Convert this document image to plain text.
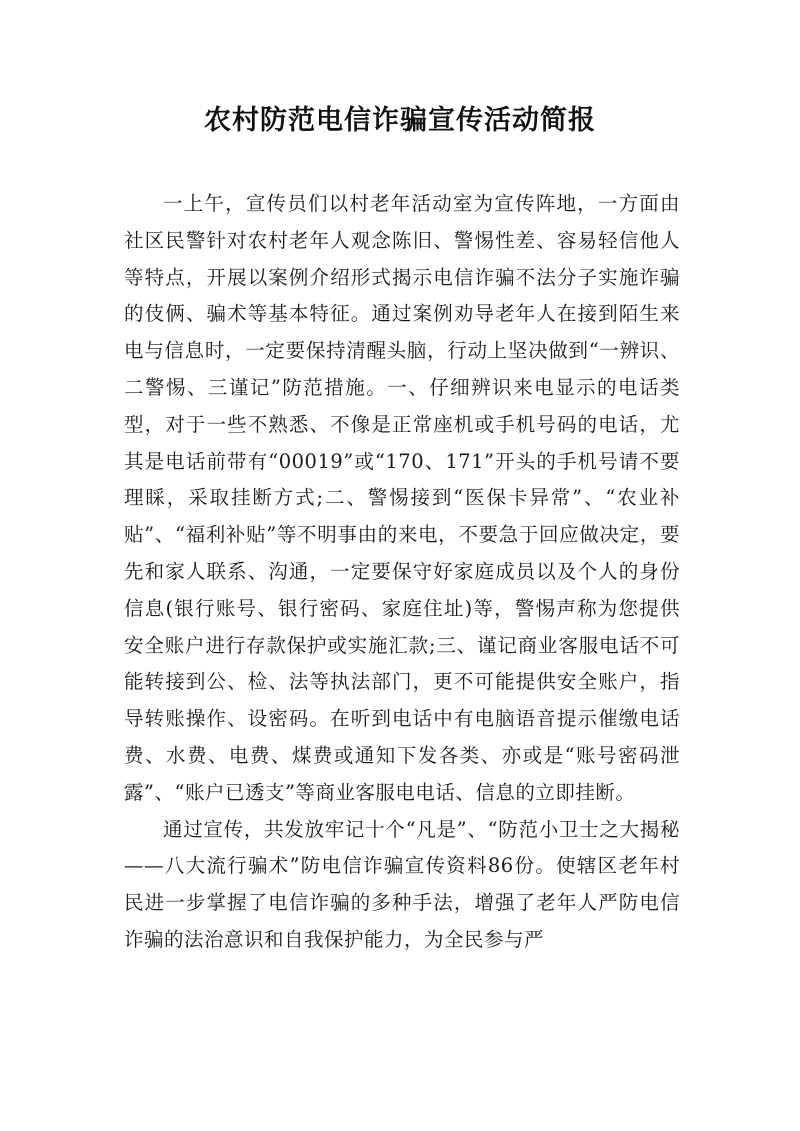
农村防范电信诈骗宣传活动简报

一上午，宣传员们以村老年活动室为宣传阵地，一方面由社区民警针对农村老年人观念陈旧、警惕性差、容易轻信他人等特点，开展以案例介绍形式揭示电信诈骗不法分子实施诈骗的伎俩、骗术等基本特征。通过案例劝导老年人在接到陌生来电与信息时，一定要保持清醒头脑，行动上坚决做到“一辨识、二警惕、三谨记”防范措施。一、仔细辨识来电显示的电话类型，对于一些不熟悉、不像是正常座机或手机号码的电话，尤其是电话前带有“00019”或“170、171”开头的手机号请不要理睬，采取挂断方式;二、警惕接到“医保卡异常”、“农业补贴”、“福利补贴”等不明事由的来电，不要急于回应做决定，要先和家人联系、沟通，一定要保守好家庭成员以及个人的身份信息(银行账号、银行密码、家庭住址)等，警惕声称为您提供安全账户进行存款保护或实施汇款;三、谨记商业客服电话不可能转接到公、检、法等执法部门，更不可能提供安全账户，指导转账操作、设密码。在听到电话中有电脑语音提示催缴电话费、水费、电费、煤费或通知下发各类、亦或是“账号密码泄露”、“账户已透支”等商业客服电电话、信息的立即挂断。

通过宣传，共发放牢记十个“凡是”、“防范小卫士之大揭秘——八大流行骗术”防电信诈骗宣传资料86份。使辖区老年村民进一步掌握了电信诈骗的多种手法，增强了老年人严防电信诈骗的法治意识和自我保护能力，为全民参与严
